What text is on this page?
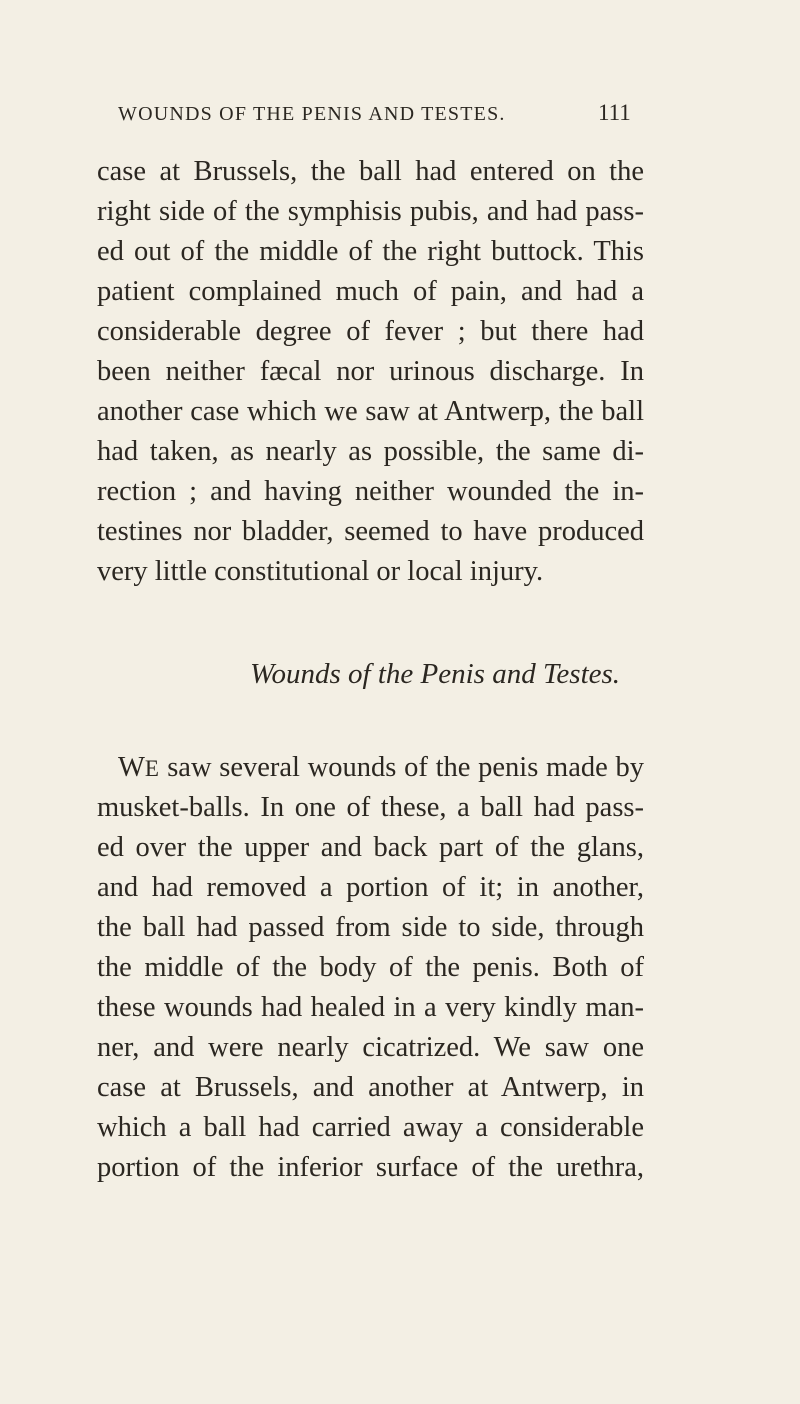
WOUNDS OF THE PENIS AND TESTES.	111
case at Brussels, the ball had entered on the
right side of the symphisis pubis, and had pass-
ed out of the middle of the right buttock. This
patient complained much of pain, and had a
considerable degree of fever ; but there had
been neither fæcal nor urinous discharge. In
another case which we saw at Antwerp, the ball
had taken, as nearly as possible, the same di-
rection ; and having neither wounded the in-
testines nor bladder, seemed to have produced
very little constitutional or local injury.
Wounds of the Penis and Testes.
WE saw several wounds of the penis made by
musket-balls. In one of these, a ball had pass-
ed over the upper and back part of the glans,
and had removed a portion of it; in another,
the ball had passed from side to side, through
the middle of the body of the penis. Both of
these wounds had healed in a very kindly man-
ner, and were nearly cicatrized. We saw one
case at Brussels, and another at Antwerp, in
which a ball had carried away a considerable
portion of the inferior surface of the urethra,
